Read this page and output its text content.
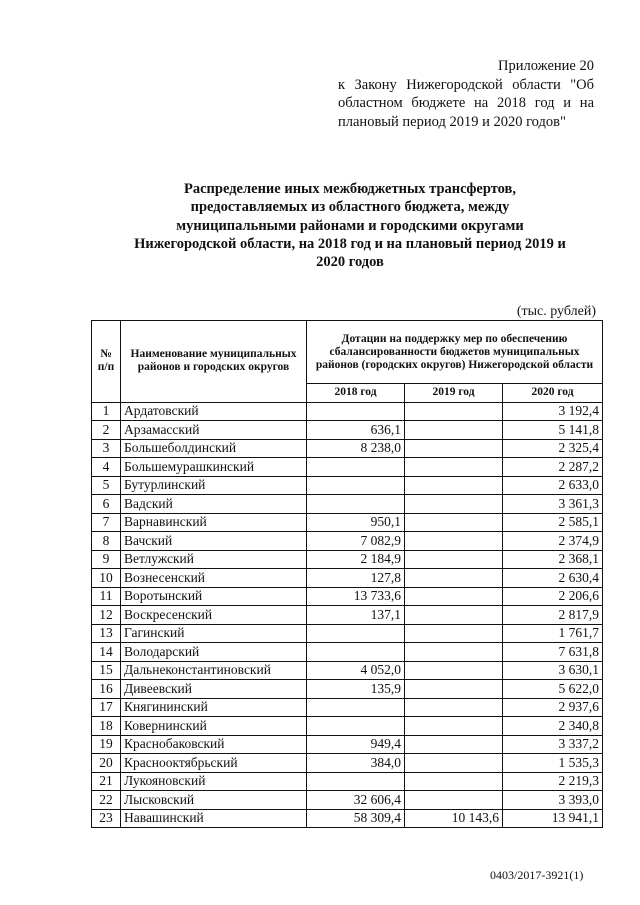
Приложение 20
к Закону Нижегородской области "Об областном бюджете на 2018 год и на плановый период 2019 и 2020 годов"
Распределение иных межбюджетных трансфертов, предоставляемых из областного бюджета, между муниципальными районами и городскими округами Нижегородской области, на 2018 год и на плановый период 2019 и 2020 годов
(тыс. рублей)
№ п/п	Наименование муниципальных районов и городских округов	Дотации на поддержку мер по обеспечению сбалансированности бюджетов муниципальных районов (городских округов) Нижегородской области		
		2018 год	2019 год	2020 год
1	Ардатовский			3 192,4
2	Арзамасский	636,1		5 141,8
3	Большеболдинский	8 238,0		2 325,4
4	Большемурашкинский			2 287,2
5	Бутурлинский			2 633,0
6	Вадский			3 361,3
7	Варнавинский	950,1		2 585,1
8	Вачский	7 082,9		2 374,9
9	Ветлужский	2 184,9		2 368,1
10	Вознесенский	127,8		2 630,4
11	Воротынский	13 733,6		2 206,6
12	Воскресенский	137,1		2 817,9
13	Гагинский			1 761,7
14	Володарский			7 631,8
15	Дальнеконстантиновский	4 052,0		3 630,1
16	Дивеевский	135,9		5 622,0
17	Княгининский			2 937,6
18	Ковернинский			2 340,8
19	Краснобаковский	949,4		3 337,2
20	Краснооктябрьский	384,0		1 535,3
21	Лукояновский			2 219,3
22	Лысковский	32 606,4		3 393,0
23	Навашинский	58 309,4	10 143,6	13 941,1
0403/2017-3921(1)
